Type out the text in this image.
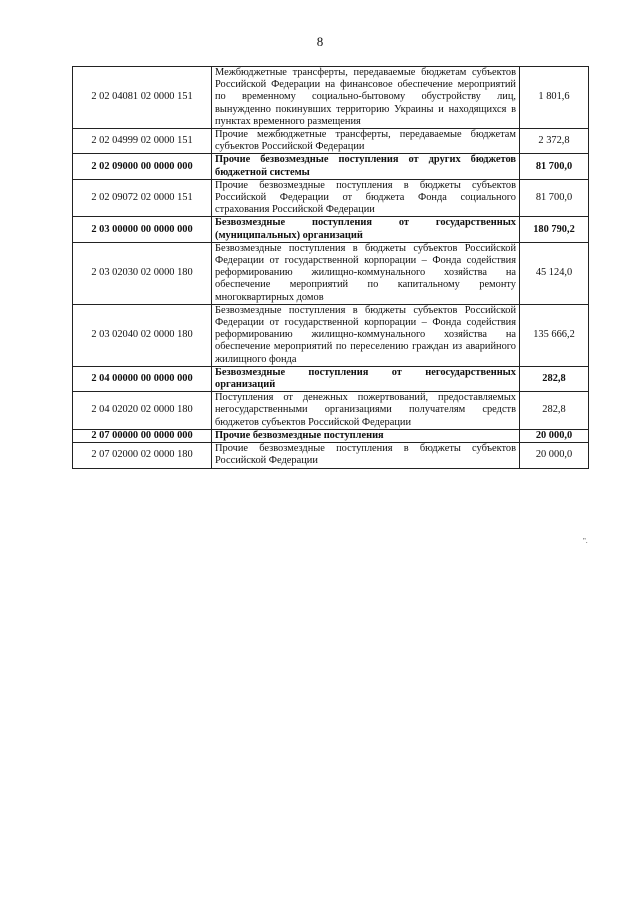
8
2 02 04081 02 0000 151	Межбюджетные трансферты, передаваемые бюджетам субъектов Российской Федерации на финансовое обеспечение мероприятий по временному социально-бытовому обустройству лиц, вынужденно покинувших территорию Украины и находящихся в пунктах временного размещения	1 801,6
2 02 04999 02 0000 151	Прочие межбюджетные трансферты, передаваемые бюджетам субъектов Российской Федерации	2 372,8
2 02 09000 00 0000 000	Прочие безвозмездные поступления от других бюджетов бюджетной системы	81 700,0
2 02 09072 02 0000 151	Прочие безвозмездные поступления в бюджеты субъектов Российской Федерации от бюджета Фонда социального страхования Российской Федерации	81 700,0
2 03 00000 00 0000 000	Безвозмездные поступления от государственных (муниципальных) организаций	180 790,2
2 03 02030 02 0000 180	Безвозмездные поступления в бюджеты субъектов Российской Федерации от государственной корпорации – Фонда содействия реформированию жилищно-коммунального хозяйства на обеспечение мероприятий по капитальному ремонту многоквартирных домов	45 124,0
2 03 02040 02 0000 180	Безвозмездные поступления в бюджеты субъектов Российской Федерации от государственной корпорации – Фонда содействия реформированию жилищно-коммунального хозяйства на обеспечение мероприятий по переселению граждан из аварийного жилищного фонда	135 666,2
2 04 00000 00 0000 000	Безвозмездные поступления от негосударственных организаций	282,8
2 04 02020 02 0000 180	Поступления от денежных пожертвований, предоставляемых негосударственными организациями получателям средств бюджетов субъектов Российской Федерации	282,8
2 07 00000 00 0000 000	Прочие безвозмездные поступления	20 000,0
2 07 02000 02 0000 180	Прочие безвозмездные поступления в бюджеты субъектов Российской Федерации	20 000,0
".
